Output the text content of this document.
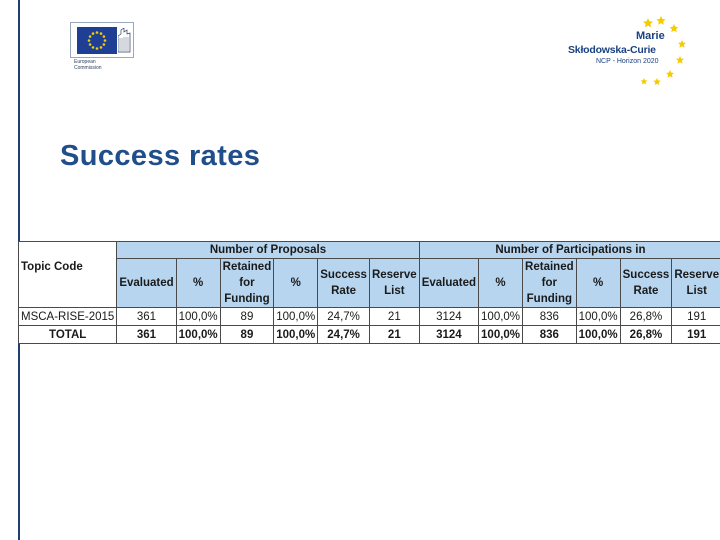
European
Commission
Marie
Skłodowska-Curie
NCP - Horizon 2020
Success rates
Topic Code	Number of Proposals						Number of Participations in					
	Evaluated	%	Retained for Funding	%	Success Rate	Reserve List	Evaluated	%	Retained for Funding	%	Success Rate	Reserve List
MSCA-RISE-2015	361	100,0%	89	100,0%	24,7%	21	3124	100,0%	836	100,0%	26,8%	191
TOTAL	361	100,0%	89	100,0%	24,7%	21	3124	100,0%	836	100,0%	26,8%	191
